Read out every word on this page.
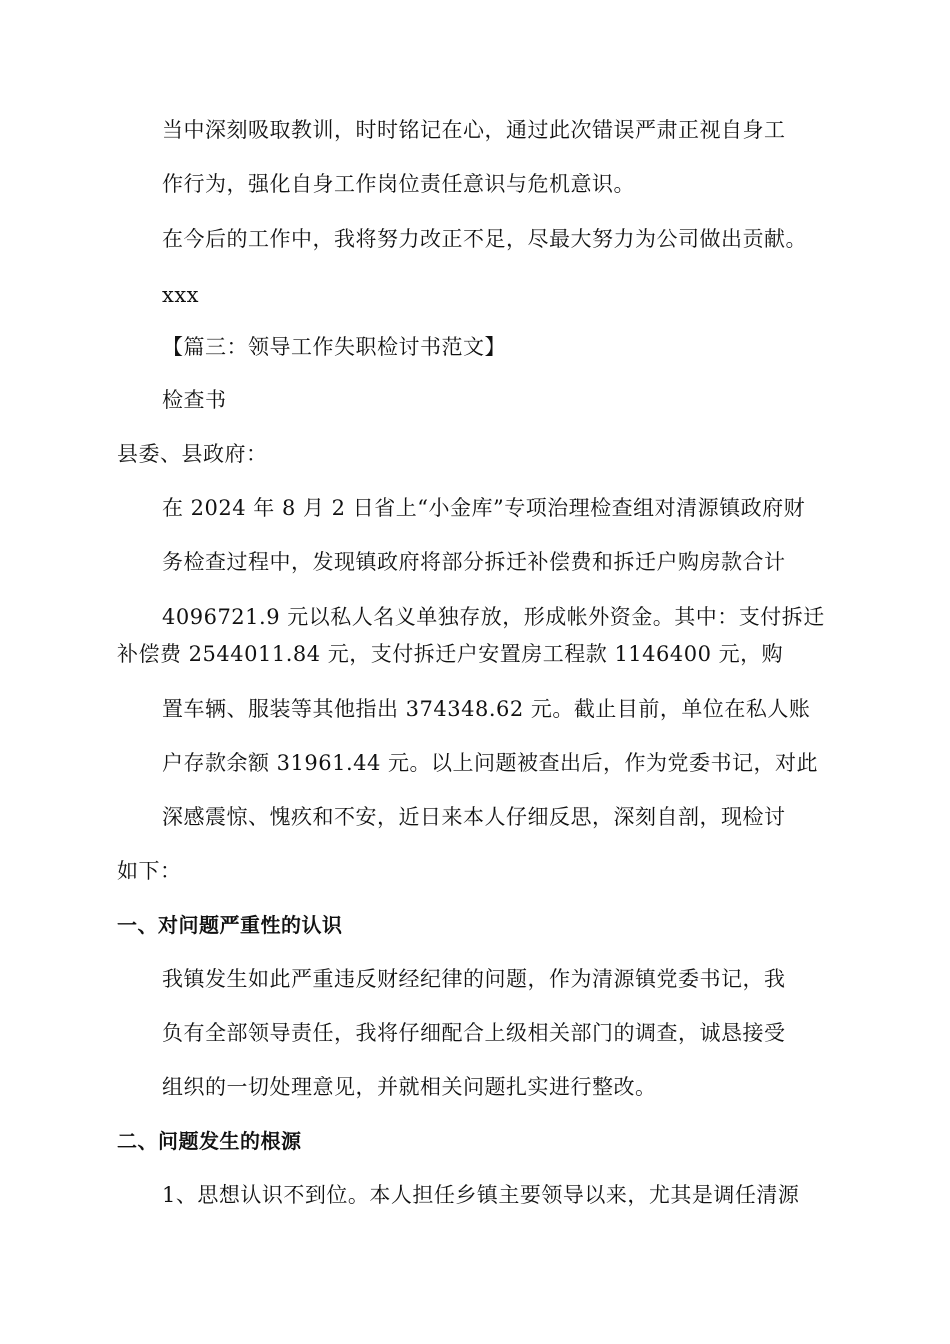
当中深刻吸取教训，时时铭记在心，通过此次错误严肃正视自身工
作行为，强化自身工作岗位责任意识与危机意识。
在今后的工作中，我将努力改正不足，尽最大努力为公司做出贡献。
xxx
【篇三：领导工作失职检讨书范文】
检查书
县委、县政府：
在 2024 年 8 月 2 日省上“小金库”专项治理检查组对清源镇政府财
务检查过程中，发现镇政府将部分拆迁补偿费和拆迁户购房款合计
4096721.9 元以私人名义单独存放，形成帐外资金。其中：支付拆迁
补偿费 2544011.84 元，支付拆迁户安置房工程款 1146400 元，购
置车辆、服装等其他指出 374348.62 元。截止目前，单位在私人账
户存款余额 31961.44 元。以上问题被查出后，作为党委书记，对此
深感震惊、愧疚和不安，近日来本人仔细反思，深刻自剖，现检讨
如下：
一、对问题严重性的认识
我镇发生如此严重违反财经纪律的问题，作为清源镇党委书记，我
负有全部领导责任，我将仔细配合上级相关部门的调查，诚恳接受
组织的一切处理意见，并就相关问题扎实进行整改。
二、问题发生的根源
1、思想认识不到位。本人担任乡镇主要领导以来，尤其是调任清源
